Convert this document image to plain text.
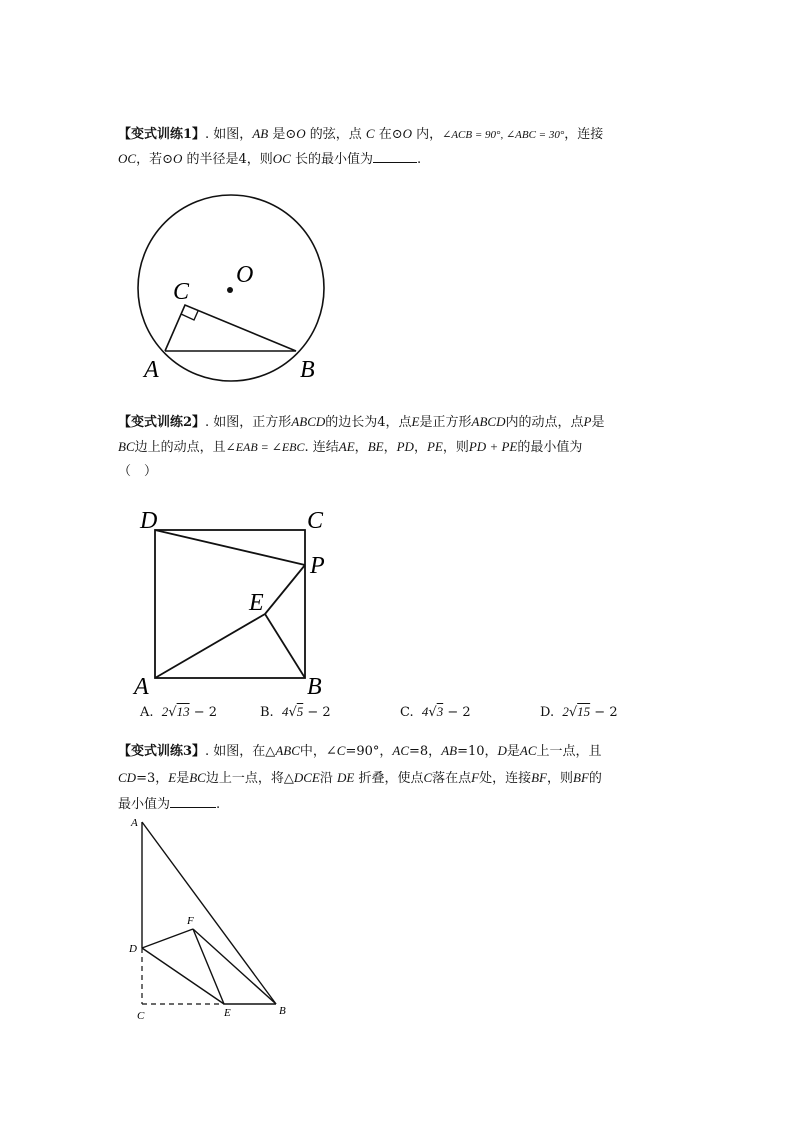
【变式训练1】. 如图，AB 是⊙O 的弦，点 C 在⊙O 内，∠ACB = 90°, ∠ABC = 30°，连接
OC，若⊙O 的半径是4，则OC 长的最小值为	.
C
O
A	B
【变式训练2】. 如图，正方形ABCD的边长为4，点E是正方形ABCD内的动点，点P是
BC边上的动点，且∠EAB = ∠EBC. 连结AE，BE，PD，PE，则PD + PE的最小值为
（　）
D	C
P
E
A	B
A. 2√13 − 2	B. 4√5 − 2	C. 4√3 − 2	D. 2√15 − 2
【变式训练3】. 如图，在△ABC中，∠C=90°，AC=8，AB=10，D是AC上一点，且
CD=3，E是BC边上一点，将△DCE沿 DE 折叠，使点C落在点F处，连接BF，则BF的
最小值为	.
A
F
D
C	E	B
